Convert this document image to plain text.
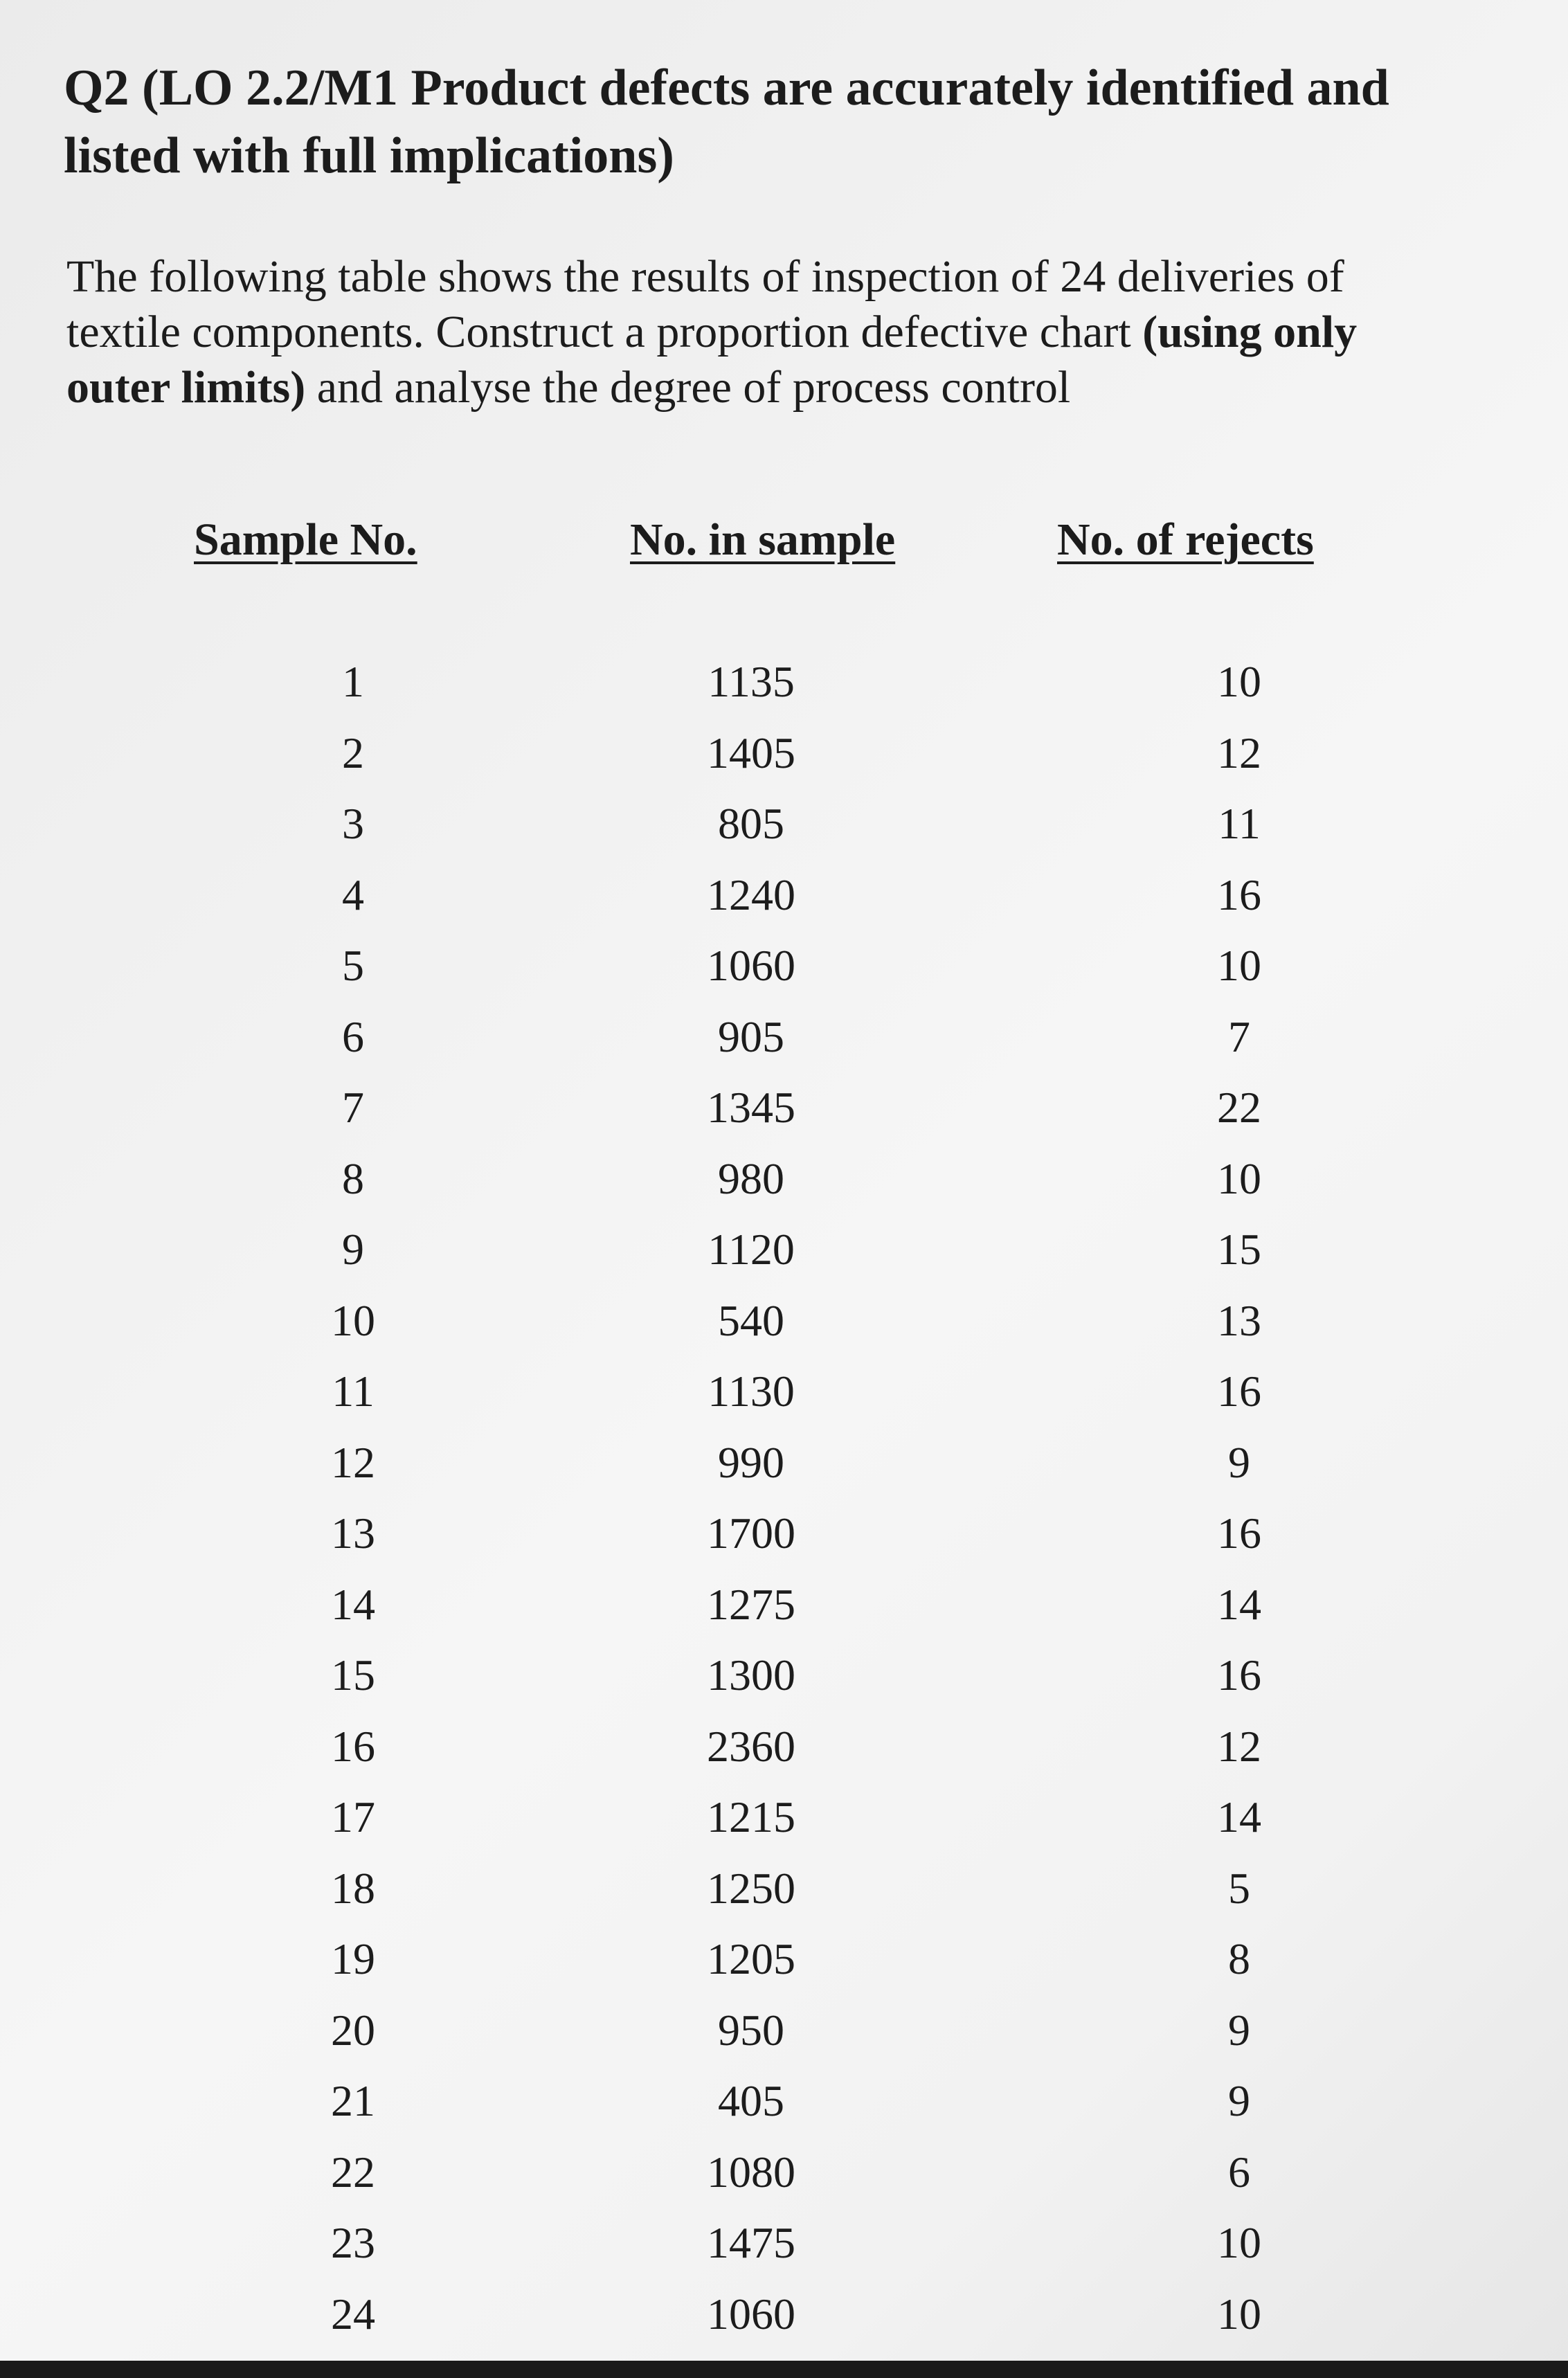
Q2 (LO 2.2/M1 Product defects are accurately identified and
listed with full implications)

The following table shows the results of inspection of 24 deliveries of
textile components. Construct a proportion defective chart (using only
outer limits) and analyse the degree of process control

Sample No.	No. in sample	No. of rejects
1	1135	10
2	1405	12
3	805	11
4	1240	16
5	1060	10
6	905	7
7	1345	22
8	980	10
9	1120	15
10	540	13
11	1130	16
12	990	9
13	1700	16
14	1275	14
15	1300	16
16	2360	12
17	1215	14
18	1250	5
19	1205	8
20	950	9
21	405	9
22	1080	6
23	1475	10
24	1060	10
